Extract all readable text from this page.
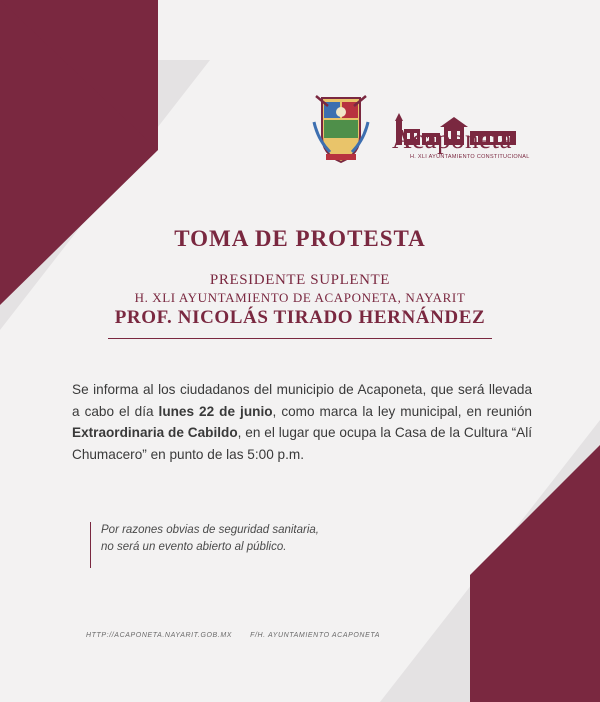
Acaponeta
H. XLI AYUNTAMIENTO CONSTITUCIONAL
TOMA DE PROTESTA
PRESIDENTE SUPLENTE
H. XLI AYUNTAMIENTO DE ACAPONETA, NAYARIT
PROF. NICOLÁS TIRADO HERNÁNDEZ
Se informa al los ciudadanos del municipio de Acaponeta, que será llevada a cabo el día lunes 22 de junio, como marca la ley municipal, en reunión Extraordinaria de Cabildo, en el lugar que ocupa la Casa de la Cultura “Alí Chumacero” en punto de las 5:00 p.m.
Por razones obvias de seguridad sanitaria,
no será un evento abierto al público.
HTTP://ACAPONETA.NAYARIT.GOB.MX	F/H. AYUNTAMIENTO ACAPONETA
